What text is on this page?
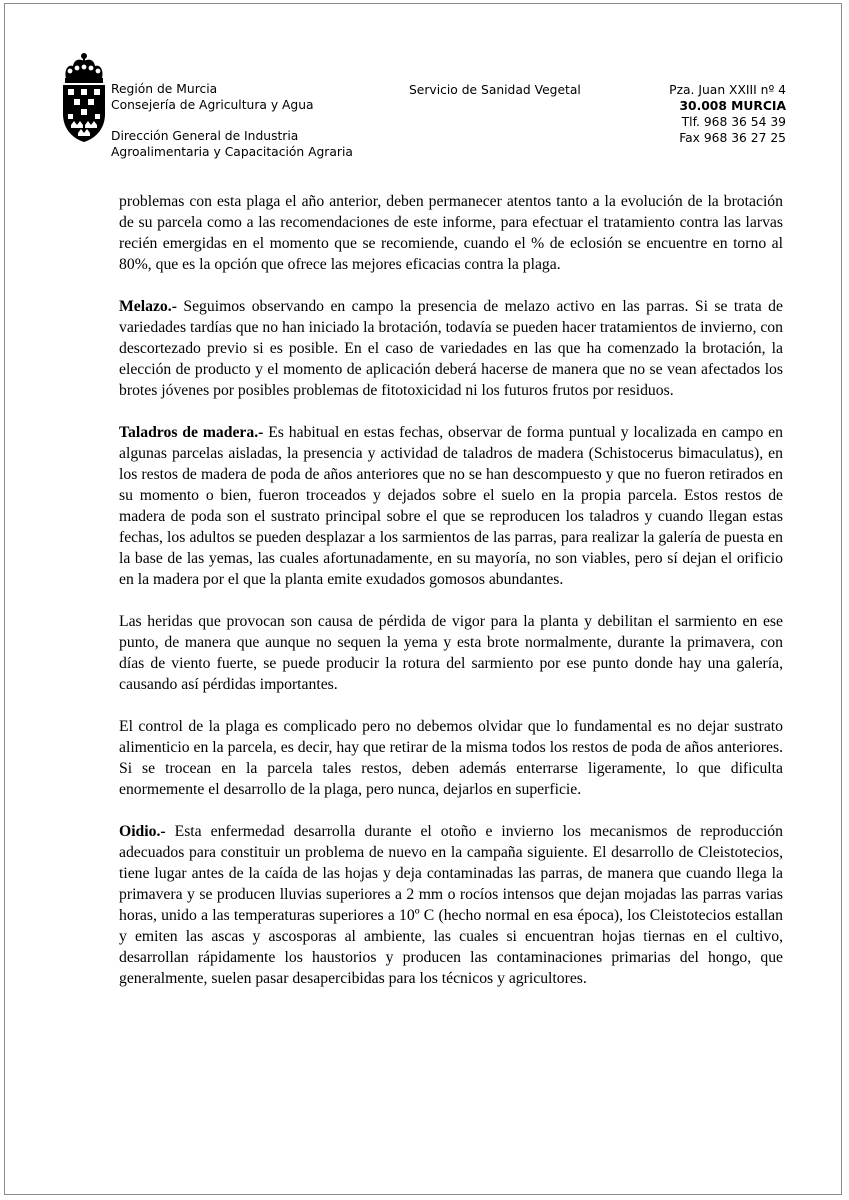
Región de Murcia
Consejería de Agricultura y Agua
Dirección General de Industria
Agroalimentaria y Capacitación Agraria
Servicio de Sanidad Vegetal	Pza. Juan XXIII nº 4
30.008 MURCIA
Tlf. 968 36 54 39
Fax 968 36 27 25

problemas con esta plaga el año anterior, deben permanecer atentos tanto a la evolución de la brotación de su parcela como a las recomendaciones de este informe, para efectuar el tratamiento contra las larvas recién emergidas en el momento que se recomiende, cuando el % de eclosión se encuentre en torno al 80%, que es la opción que ofrece las mejores eficacias contra la plaga.

Melazo.- Seguimos observando en campo la presencia de melazo activo en las parras. Si se trata de variedades tardías que no han iniciado la brotación, todavía se pueden hacer tratamientos de invierno, con descortezado previo si es posible. En el caso de variedades en las que ha comenzado la brotación, la elección de producto y el momento de aplicación deberá hacerse de manera que no se vean afectados los brotes jóvenes por posibles problemas de fitotoxicidad ni los futuros frutos por residuos.

Taladros de madera.- Es habitual en estas fechas, observar de forma puntual y localizada en campo en algunas parcelas aisladas, la presencia y actividad de taladros de madera (Schistocerus bimaculatus), en los restos de madera de poda de años anteriores que no se han descompuesto y que no fueron retirados en su momento o bien, fueron troceados y dejados sobre el suelo en la propia parcela. Estos restos de madera de poda son el sustrato principal sobre el que se reproducen los taladros y cuando llegan estas fechas, los adultos se pueden desplazar a los sarmientos de las parras, para realizar la galería de puesta en la base de las yemas, las cuales afortunadamente, en su mayoría, no son viables, pero sí dejan el orificio en la madera por el que la planta emite exudados gomosos abundantes.

Las heridas que provocan son causa de pérdida de vigor para la planta y debilitan el sarmiento en ese punto, de manera que aunque no sequen la yema y esta brote normalmente, durante la primavera, con días de viento fuerte, se puede producir la rotura del sarmiento por ese punto donde hay una galería, causando así pérdidas importantes.

El control de la plaga es complicado pero no debemos olvidar que lo fundamental es no dejar sustrato alimenticio en la parcela, es decir, hay que retirar de la misma todos los restos de poda de años anteriores. Si se trocean en la parcela tales restos, deben además enterrarse ligeramente, lo que dificulta enormemente el desarrollo de la plaga, pero nunca, dejarlos en superficie.

Oidio.- Esta enfermedad desarrolla durante el otoño e invierno los mecanismos de reproducción adecuados para constituir un problema de nuevo en la campaña siguiente. El desarrollo de Cleistotecios, tiene lugar antes de la caída de las hojas y deja contaminadas las parras, de manera que cuando llega la primavera y se producen lluvias superiores a 2 mm o rocíos intensos que dejan mojadas las parras varias horas, unido a las temperaturas superiores a 10º C (hecho normal en esa época), los Cleistotecios estallan y emiten las ascas y ascosporas al ambiente, las cuales si encuentran hojas tiernas en el cultivo, desarrollan rápidamente los haustorios y producen las contaminaciones primarias del hongo, que generalmente, suelen pasar desapercibidas para los técnicos y agricultores.
